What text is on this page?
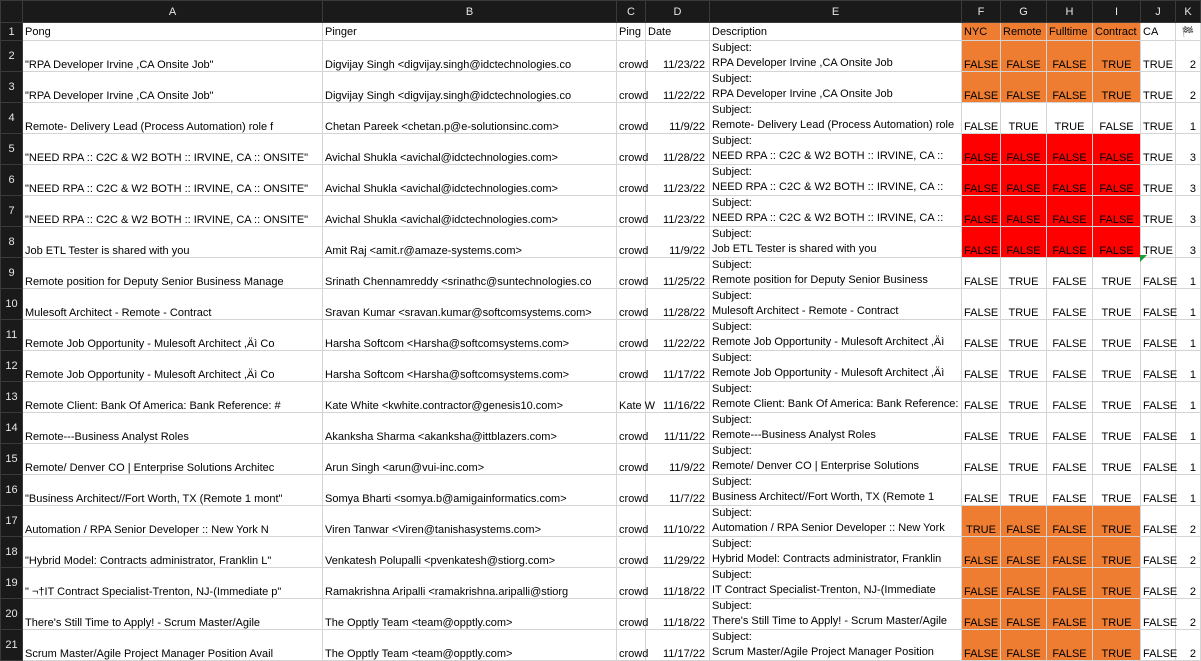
	A	B	C	D	E	F	G	H	I	J	K
1	Pong	Pinger	Ping	Date	Description	NYC	Remote	Fulltime	Contract	CA	🏁
2	"RPA Developer Irvine ,CA Onsite Job"	Digvijay Singh <digvijay.singh@idctechnologies.co	crowd	11/23/22	Subject:
RPA Developer Irvine ,CA Onsite Job	FALSE	FALSE	FALSE	TRUE	TRUE	2
3	"RPA Developer Irvine ,CA Onsite Job"	Digvijay Singh <digvijay.singh@idctechnologies.co	crowd	11/22/22	Subject:
RPA Developer Irvine ,CA Onsite Job	FALSE	FALSE	FALSE	TRUE	TRUE	2
4	Remote- Delivery Lead (Process Automation) role f	Chetan Pareek <chetan.p@e-solutionsinc.com>	crowd	11/9/22	Subject:
Remote- Delivery Lead (Process Automation) role	FALSE	TRUE	TRUE	FALSE	TRUE	1
5	"NEED RPA :: C2C & W2 BOTH :: IRVINE, CA :: ONSITE"	Avichal Shukla <avichal@idctechnologies.com>	crowd	11/28/22	Subject:
NEED RPA :: C2C & W2 BOTH :: IRVINE, CA ::	FALSE	FALSE	FALSE	FALSE	TRUE	3
6	"NEED RPA :: C2C & W2 BOTH :: IRVINE, CA :: ONSITE"	Avichal Shukla <avichal@idctechnologies.com>	crowd	11/23/22	Subject:
NEED RPA :: C2C & W2 BOTH :: IRVINE, CA ::	FALSE	FALSE	FALSE	FALSE	TRUE	3
7	"NEED RPA :: C2C & W2 BOTH :: IRVINE, CA :: ONSITE"	Avichal Shukla <avichal@idctechnologies.com>	crowd	11/23/22	Subject:
NEED RPA :: C2C & W2 BOTH :: IRVINE, CA ::	FALSE	FALSE	FALSE	FALSE	TRUE	3
8	Job ETL Tester is shared with you	Amit Raj <amit.r@amaze-systems.com>	crowd	11/9/22	Subject:
Job ETL Tester is shared with you	FALSE	FALSE	FALSE	FALSE	TRUE	3
9	Remote position for Deputy Senior Business Manage	Srinath Chennamreddy <srinathc@suntechnologies.co	crowd	11/25/22	Subject:
Remote position for Deputy Senior Business	FALSE	TRUE	FALSE	TRUE	FALSE	1
10	Mulesoft Architect - Remote - Contract	Sravan Kumar <sravan.kumar@softcomsystems.com>	crowd	11/28/22	Subject:
Mulesoft Architect - Remote - Contract	FALSE	TRUE	FALSE	TRUE	FALSE	1
11	Remote Job Opportunity - Mulesoft Architect ,Äì Co	Harsha Softcom <Harsha@softcomsystems.com>	crowd	11/22/22	Subject:
Remote Job Opportunity - Mulesoft Architect ,Äì	FALSE	TRUE	FALSE	TRUE	FALSE	1
12	Remote Job Opportunity - Mulesoft Architect ,Äì Co	Harsha Softcom <Harsha@softcomsystems.com>	crowd	11/17/22	Subject:
Remote Job Opportunity - Mulesoft Architect ,Äì	FALSE	TRUE	FALSE	TRUE	FALSE	1
13	Remote Client: Bank Of America: Bank Reference: #	Kate White <kwhite.contractor@genesis10.com>	Kate W	11/16/22	Subject:
Remote Client: Bank Of America: Bank Reference:	FALSE	TRUE	FALSE	TRUE	FALSE	1
14	Remote---Business Analyst Roles	Akanksha Sharma <akanksha@ittblazers.com>	crowd	11/11/22	Subject:
Remote---Business Analyst Roles	FALSE	TRUE	FALSE	TRUE	FALSE	1
15	Remote/ Denver CO | Enterprise Solutions Architec	Arun Singh <arun@vui-inc.com>	crowd	11/9/22	Subject:
Remote/ Denver CO | Enterprise Solutions	FALSE	TRUE	FALSE	TRUE	FALSE	1
16	"Business Architect//Fort Worth, TX (Remote 1 mont"	Somya Bharti <somya.b@amigainformatics.com>	crowd	11/7/22	Subject:
Business Architect//Fort Worth, TX (Remote 1	FALSE	TRUE	FALSE	TRUE	FALSE	1
17	Automation / RPA Senior Developer :: New York N	Viren Tanwar <Viren@tanishasystems.com>	crowd	11/10/22	Subject:
Automation / RPA Senior Developer :: New York	TRUE	FALSE	FALSE	TRUE	FALSE	2
18	"Hybrid Model: Contracts administrator, Franklin L"	Venkatesh Polupalli <pvenkatesh@stiorg.com>	crowd	11/29/22	Subject:
Hybrid Model: Contracts administrator, Franklin	FALSE	FALSE	FALSE	TRUE	FALSE	2
19	" ¬†IT Contract Specialist-Trenton, NJ-(Immediate p"	Ramakrishna Aripalli <ramakrishna.aripalli@stiorg	crowd	11/18/22	Subject:
IT Contract Specialist-Trenton, NJ-(Immediate	FALSE	FALSE	FALSE	TRUE	FALSE	2
20	There's Still Time to Apply! - Scrum Master/Agile	The Opptly Team <team@opptly.com>	crowd	11/18/22	Subject:
There's Still Time to Apply! - Scrum Master/Agile	FALSE	FALSE	FALSE	TRUE	FALSE	2
21	Scrum Master/Agile Project Manager Position Avail	The Opptly Team <team@opptly.com>	crowd	11/17/22	Subject:
Scrum Master/Agile Project Manager Position	FALSE	FALSE	FALSE	TRUE	FALSE	2
